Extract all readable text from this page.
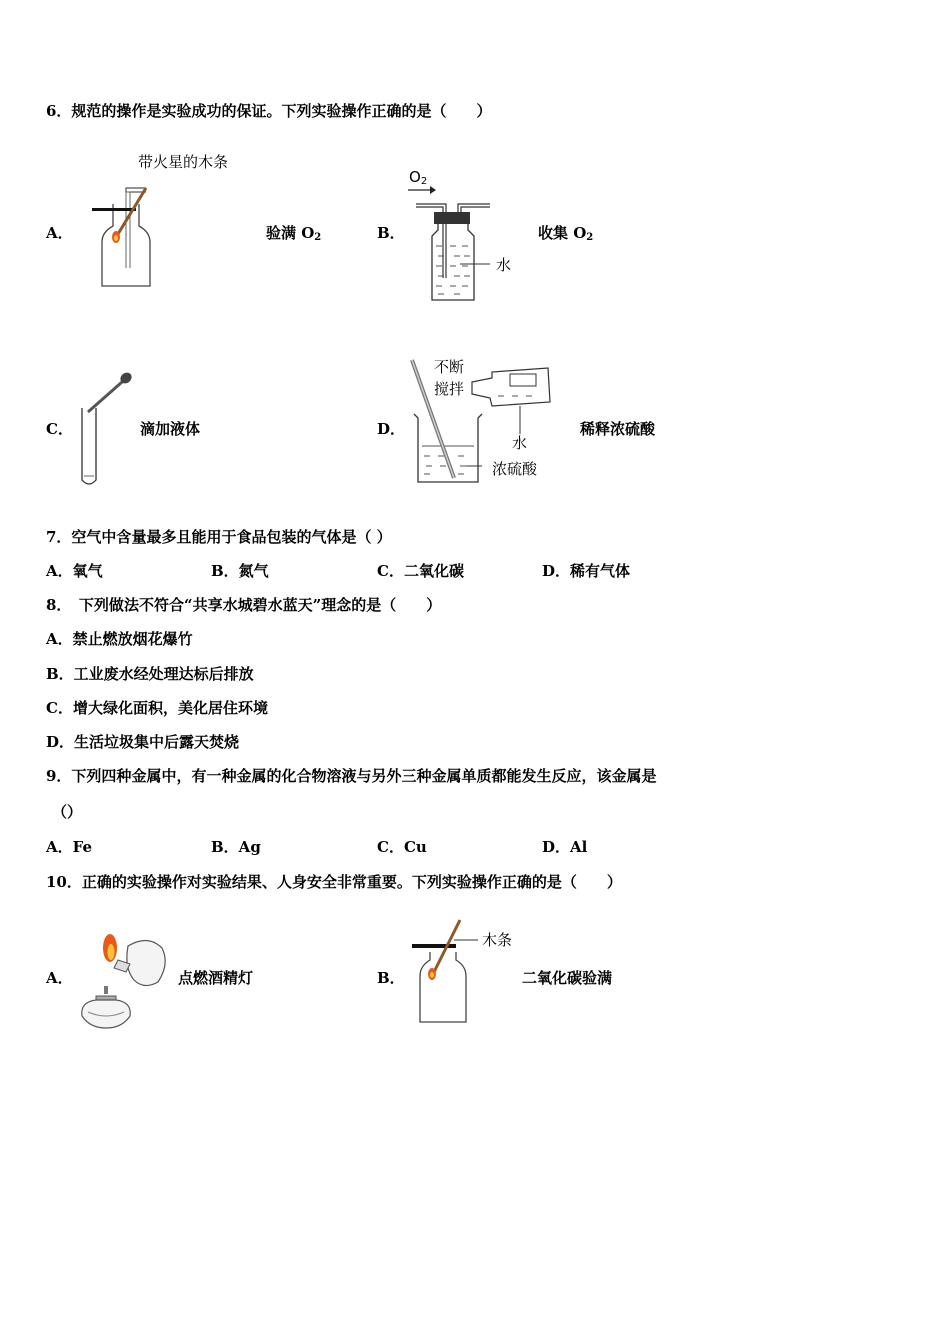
6．规范的操作是实验成功的保证。下列实验操作正确的是（　　）
A．
带火星的木条
验满 $O_2$	B．
$O_2$
水
收集 $O_2$
C．	滴加液体	D．
不断
搅拌
水
浓硫酸
稀释浓硫酸
7．空气中含量最多且能用于食品包装的气体是（ ）
A．氧气	B．氮气	C．二氧化碳	D．稀有气体
8．　下列做法不符合“共享水城碧水蓝天”理念的是（　　）
A．禁止燃放烟花爆竹
B．工业废水经处理达标后排放
C．增大绿化面积，美化居住环境
D．生活垃圾集中后露天焚烧
9．下列四种金属中，有一种金属的化合物溶液与另外三种金属单质都能发生反应，该金属是
（）
A．Fe	B．Ag	C．Cu	D．Al
10．正确的实验操作对实验结果、人身安全非常重要。下列实验操作正确的是（　　）
A．	点燃酒精灯	B．
木条
二氧化碳验满
